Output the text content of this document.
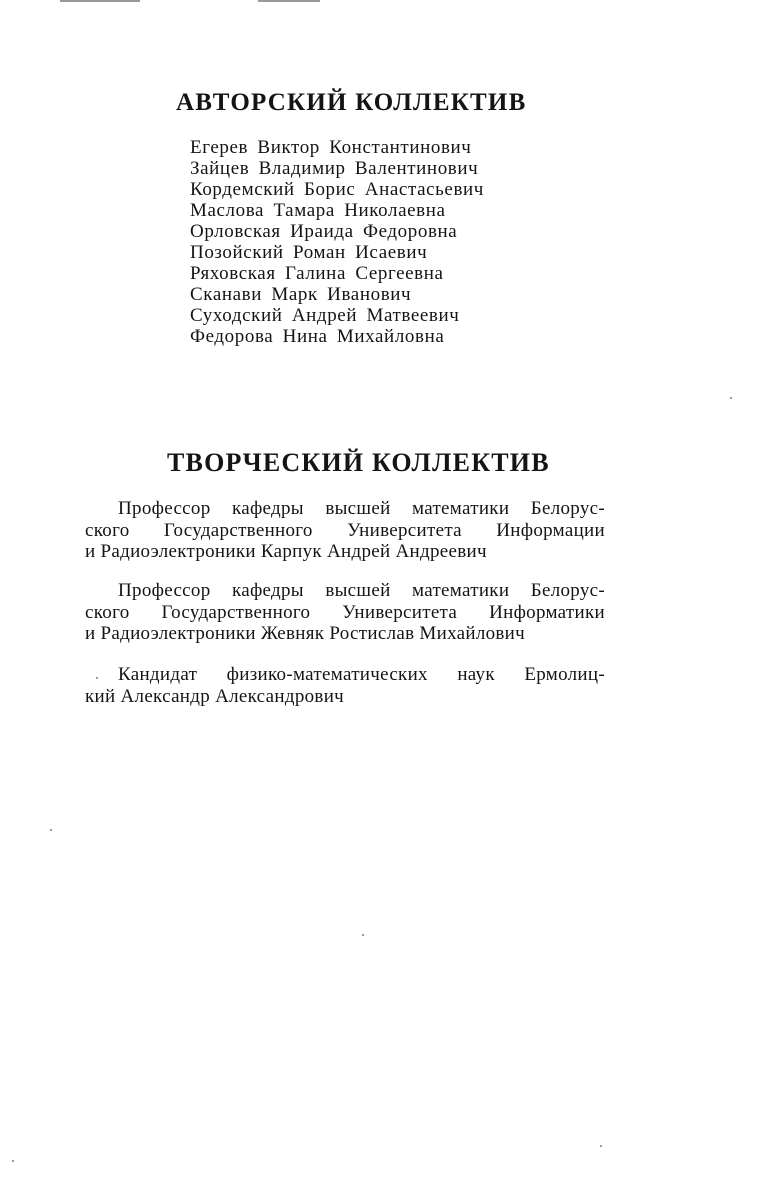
АВТОРСКИЙ КОЛЛЕКТИВ
Егерев Виктор Константинович
Зайцев Владимир Валентинович
Кордемский Борис Анастасьевич
Маслова Тамара Николаевна
Орловская Ираида Федоровна
Позойский Роман Исаевич
Ряховская Галина Сергеевна
Сканави Марк Иванович
Суходский Андрей Матвеевич
Федорова Нина Михайловна
ТВОРЧЕСКИЙ КОЛЛЕКТИВ

Профессор кафедры высшей математики Белорус-
ского Государственного Университета Информации
и Радиоэлектроники Карпук Андрей Андреевич

Профессор кафедры высшей математики Белорус-
ского Государственного Университета Информатики
и Радиоэлектроники Жевняк Ростислав Михайлович

Кандидат физико-математических наук Ермолиц-
кий Александр Александрович
